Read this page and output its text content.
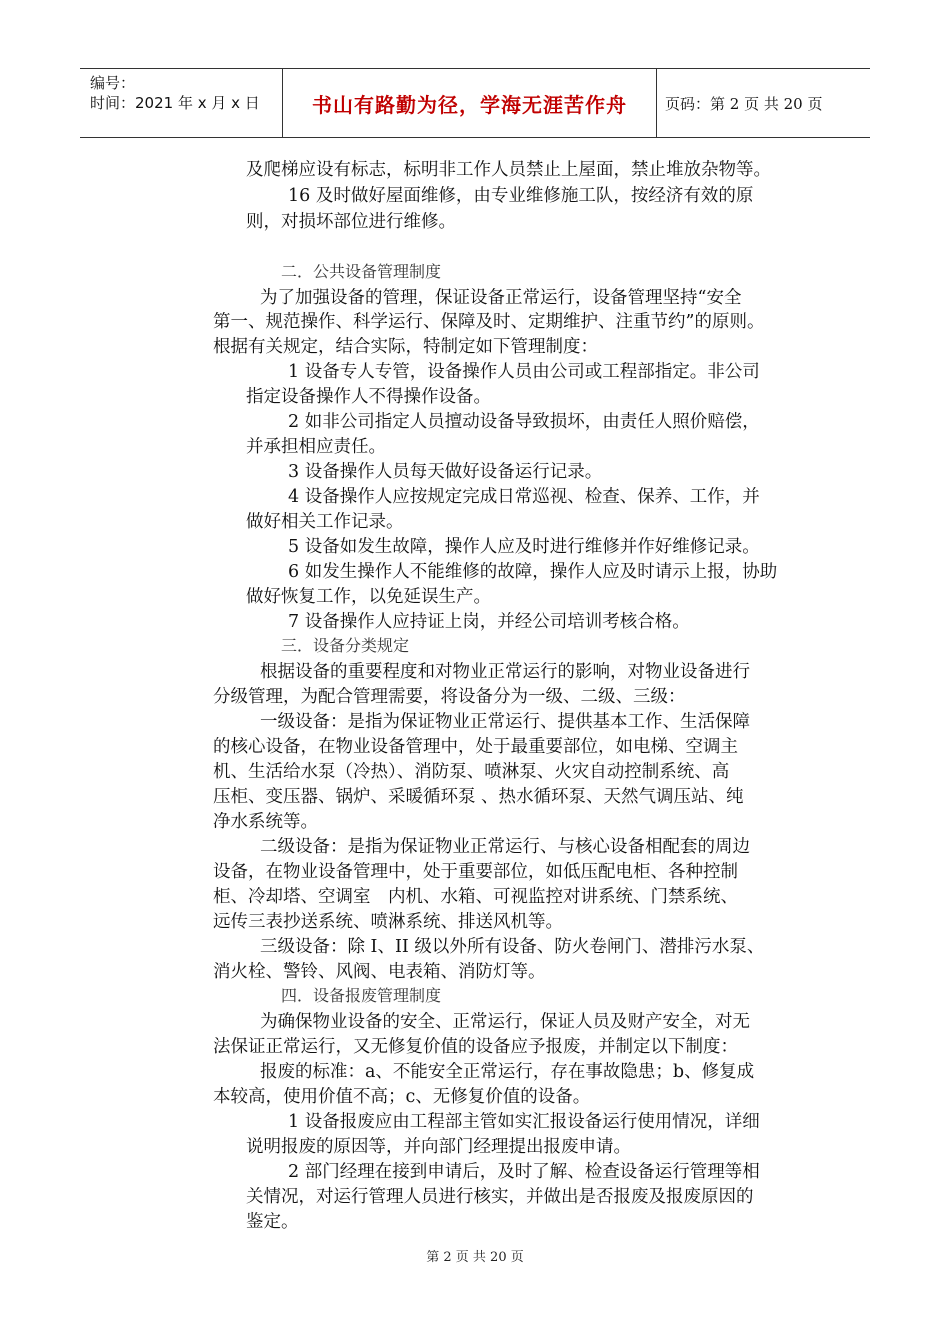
编号：
时间：2021 年 x 月 x 日	书山有路勤为径，学海无涯苦作舟	页码：第 2 页 共 20 页
及爬梯应设有标志，标明非工作人员禁止上屋面，禁止堆放杂物等。
16 及时做好屋面维修，由专业维修施工队，按经济有效的原
则，对损坏部位进行维修。
二．公共设备管理制度
为了加强设备的管理，保证设备正常运行，设备管理坚持“安全
第一、规范操作、科学运行、保障及时、定期维护、注重节约”的原则。
根据有关规定，结合实际，特制定如下管理制度：
1 设备专人专管，设备操作人员由公司或工程部指定。非公司
指定设备操作人不得操作设备。
2 如非公司指定人员擅动设备导致损坏，由责任人照价赔偿，
并承担相应责任。
3 设备操作人员每天做好设备运行记录。
4 设备操作人应按规定完成日常巡视、检查、保养、工作，并
做好相关工作记录。
5 设备如发生故障，操作人应及时进行维修并作好维修记录。
6 如发生操作人不能维修的故障，操作人应及时请示上报，协助
做好恢复工作，以免延误生产。
7 设备操作人应持证上岗，并经公司培训考核合格。
三．设备分类规定
根据设备的重要程度和对物业正常运行的影响，对物业设备进行
分级管理，为配合管理需要，将设备分为一级、二级、三级：
一级设备：是指为保证物业正常运行、提供基本工作、生活保障
的核心设备，在物业设备管理中，处于最重要部位，如电梯、空调主
机、生活给水泵（冷热）、消防泵、喷淋泵、火灾自动控制系统、高
压柜、变压器、锅炉、采暖循环泵 、热水循环泵、天然气调压站、纯
净水系统等。
二级设备：是指为保证物业正常运行、与核心设备相配套的周边
设备，在物业设备管理中，处于重要部位，如低压配电柜、各种控制
柜、冷却塔、空调室　内机、水箱、可视监控对讲系统、门禁系统、
远传三表抄送系统、喷淋系统、排送风机等。
三级设备：除 I、II 级以外所有设备、防火卷闸门、潜排污水泵、
消火栓、警铃、风阀、电表箱、消防灯等。
四．设备报废管理制度
为确保物业设备的安全、正常运行，保证人员及财产安全，对无
法保证正常运行，又无修复价值的设备应予报废，并制定以下制度：
报废的标准：a、不能安全正常运行，存在事故隐患；b、修复成
本较高，使用价值不高；c、无修复价值的设备。
1 设备报废应由工程部主管如实汇报设备运行使用情况，详细
说明报废的原因等，并向部门经理提出报废申请。
2 部门经理在接到申请后，及时了解、检查设备运行管理等相
关情况，对运行管理人员进行核实，并做出是否报废及报废原因的
鉴定。
第 2 页 共 20 页
